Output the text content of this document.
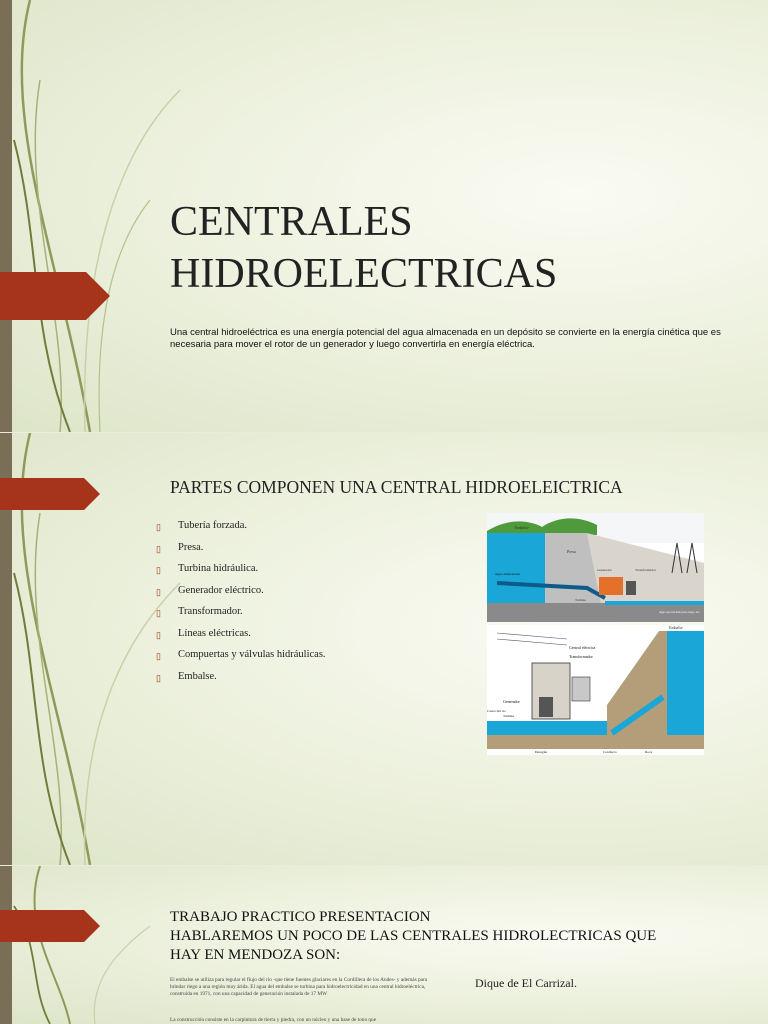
CENTRALES
HIDROELECTRICAS
Una central hidroeléctrica es una energía potencial del agua almacenada en un depósito se convierte en la energía cinética que es necesaria para mover el rotor de un generador y luego convertirla en energía eléctrica.
PARTES COMPONEN UNA CENTRAL HIDROELEICTRICA
▯ Tubería forzada.
▯ Presa.
▯ Turbina hidráulica.
▯ Generador eléctrico.
▯ Transformador.
▯ Líneas eléctricas.
▯ Compuertas y válvulas hidráulicas.
▯ Embalse.
Embalse
Presa
Agua almacenada
Generador	Transformador
Turbina
Agua aprovechada para riego, etc.
Embalse
Central eléctrica
Transformador
Generador
Cauce del río
Turbina
Desagüe	Conducto	Roca
TRABAJO PRACTICO PRESENTACION
HABLAREMOS UN POCO DE LAS CENTRALES HIDROLECTRICAS QUE
HAY EN MENDOZA SON:
El embalse se utiliza para regular el flujo del río -que tiene fuentes glaciares en la Cordillera de los Andes- y además para brindar riego a una región muy árida. El agua del embalse se turbina para hidroelectricidad en una central hidroeléctrica, construida en 1971, con una capacidad de generación instalada de 17 MW
La construcción consiste en la carpintura de tierra y piedra, con un núcleo y una base de tono que
Dique de El Carrizal.
